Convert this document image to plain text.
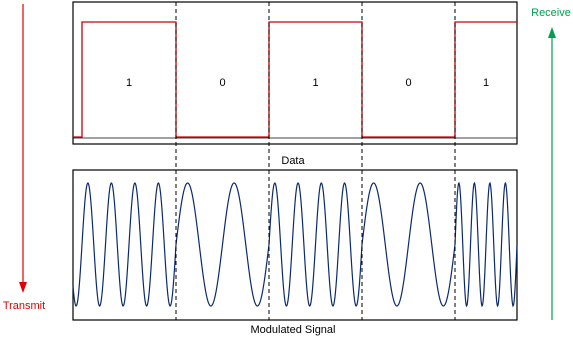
1	0	1	0	1
Data
Modulated Signal
Transmit
Receive
